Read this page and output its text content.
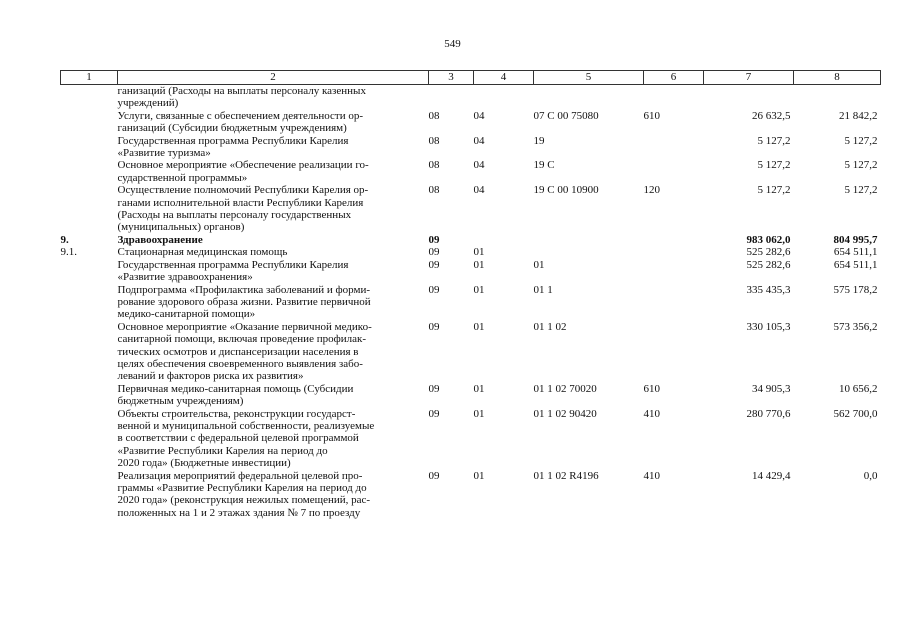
549
1	2	3	4	5	6	7	8
	ганизаций (Расходы на выплаты персоналу казенных
учреждений)						
	Услуги, связанные с обеспечением деятельности ор-
ганизаций (Субсидии бюджетным учреждениям)	08	04	07 С 00 75080	610	26 632,5	21 842,2
	Государственная программа Республики Карелия
«Развитие туризма»	08	04	19		5 127,2	5 127,2
	Основное мероприятие «Обеспечение реализации го-
сударственной программы»	08	04	19 С		5 127,2	5 127,2
	Осуществление полномочий Республики Карелия ор-
ганами исполнительной власти Республики Карелия
(Расходы на выплаты персоналу государственных
(муниципальных) органов)	08	04	19 С 00 10900	120	5 127,2	5 127,2
9.	Здравоохранение	09				983 062,0	804 995,7
9.1.	Стационарная медицинская помощь	09	01			525 282,6	654 511,1
	Государственная программа Республики Карелия
«Развитие здравоохранения»	09	01	01		525 282,6	654 511,1
	Подпрограмма «Профилактика заболеваний и форми-
рование здорового образа жизни. Развитие первичной
медико-санитарной помощи»	09	01	01 1		335 435,3	575 178,2
	Основное мероприятие «Оказание первичной медико-
санитарной помощи, включая проведение профилак-
тических осмотров и диспансеризации населения в
целях обеспечения своевременного выявления забо-
леваний и факторов риска их развития»	09	01	01 1 02		330 105,3	573 356,2
	Первичная медико-санитарная помощь (Субсидии
бюджетным учреждениям)	09	01	01 1 02 70020	610	34 905,3	10 656,2
	Объекты строительства, реконструкции государст-
венной и муниципальной собственности, реализуемые
в соответствии с федеральной целевой программой
«Развитие Республики Карелия на период до
2020 года» (Бюджетные инвестиции)	09	01	01 1 02 90420	410	280 770,6	562 700,0
	Реализация мероприятий федеральной целевой про-
граммы «Развитие Республики Карелия на период до
2020 года» (реконструкция нежилых помещений, рас-
положенных на 1 и 2 этажах здания № 7 по проезду	09	01	01 1 02 R4196	410	14 429,4	0,0
